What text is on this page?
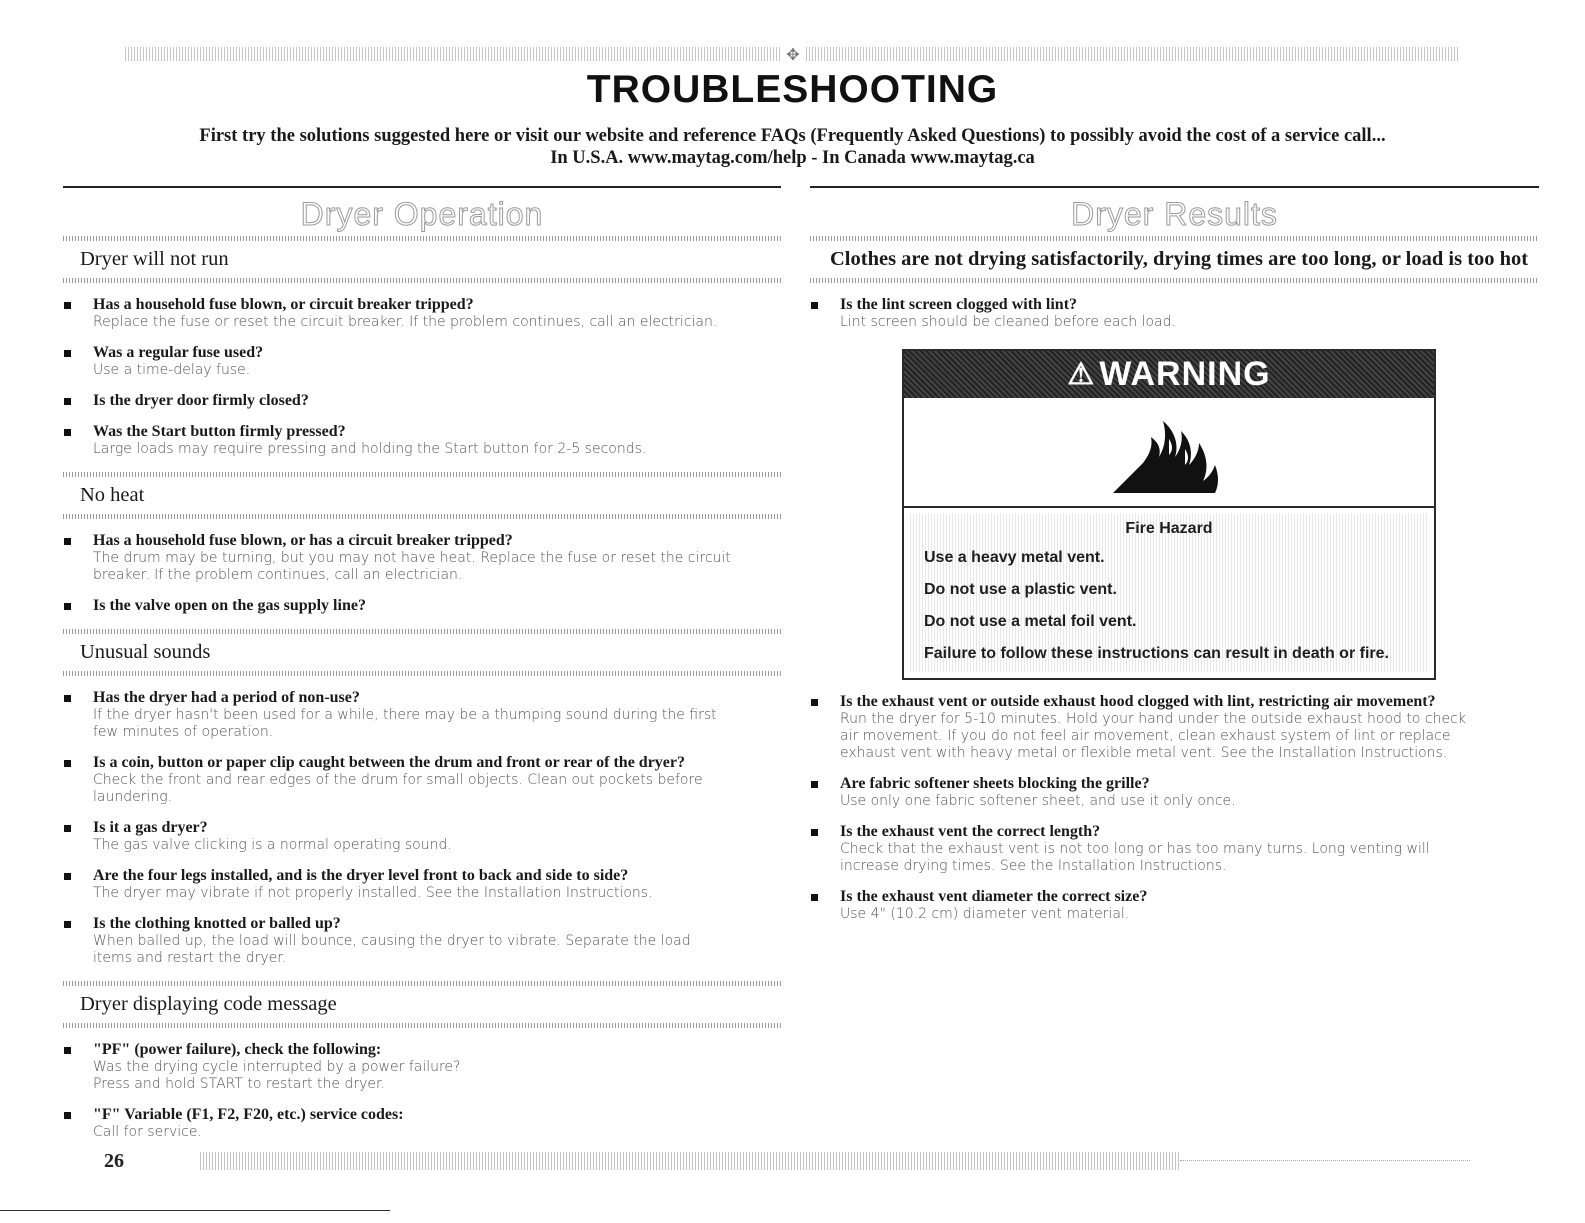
✥
TROUBLESHOOTING
First try the solutions suggested here or visit our website and reference FAQs (Frequently Asked Questions) to possibly avoid the cost of a service call...
In U.S.A. www.maytag.com/help - In Canada www.maytag.ca
Dryer Operation
Dryer will not run
Has a household fuse blown, or circuit breaker tripped?
Replace the fuse or reset the circuit breaker. If the problem continues, call an electrician.
Was a regular fuse used?
Use a time-delay fuse.
Is the dryer door firmly closed?
Was the Start button firmly pressed?
Large loads may require pressing and holding the Start button for 2-5 seconds.
No heat
Has a household fuse blown, or has a circuit breaker tripped?
The drum may be turning, but you may not have heat. Replace the fuse or reset the circuit
breaker. If the problem continues, call an electrician.
Is the valve open on the gas supply line?
Unusual sounds
Has the dryer had a period of non-use?
If the dryer hasn't been used for a while, there may be a thumping sound during the first
few minutes of operation.
Is a coin, button or paper clip caught between the drum and front or rear of the dryer?
Check the front and rear edges of the drum for small objects. Clean out pockets before
laundering.
Is it a gas dryer?
The gas valve clicking is a normal operating sound.
Are the four legs installed, and is the dryer level front to back and side to side?
The dryer may vibrate if not properly installed. See the Installation Instructions.
Is the clothing knotted or balled up?
When balled up, the load will bounce, causing the dryer to vibrate. Separate the load
items and restart the dryer.
Dryer displaying code message
"PF" (power failure), check the following:
Was the drying cycle interrupted by a power failure?
Press and hold START to restart the dryer.
"F" Variable (F1, F2, F20, etc.) service codes:
Call for service.
Dryer Results
Clothes are not drying satisfactorily, drying times are too long, or load is too hot
Is the lint screen clogged with lint?
Lint screen should be cleaned before each load.
⚠ WARNING
Fire Hazard
Use a heavy metal vent.
Do not use a plastic vent.
Do not use a metal foil vent.
Failure to follow these instructions can result in death or fire.
Is the exhaust vent or outside exhaust hood clogged with lint, restricting air movement?
Run the dryer for 5-10 minutes. Hold your hand under the outside exhaust hood to check
air movement. If you do not feel air movement, clean exhaust system of lint or replace
exhaust vent with heavy metal or flexible metal vent. See the Installation Instructions.
Are fabric softener sheets blocking the grille?
Use only one fabric softener sheet, and use it only once.
Is the exhaust vent the correct length?
Check that the exhaust vent is not too long or has too many turns. Long venting will
increase drying times. See the Installation Instructions.
Is the exhaust vent diameter the correct size?
Use 4" (10.2 cm) diameter vent material.
26
